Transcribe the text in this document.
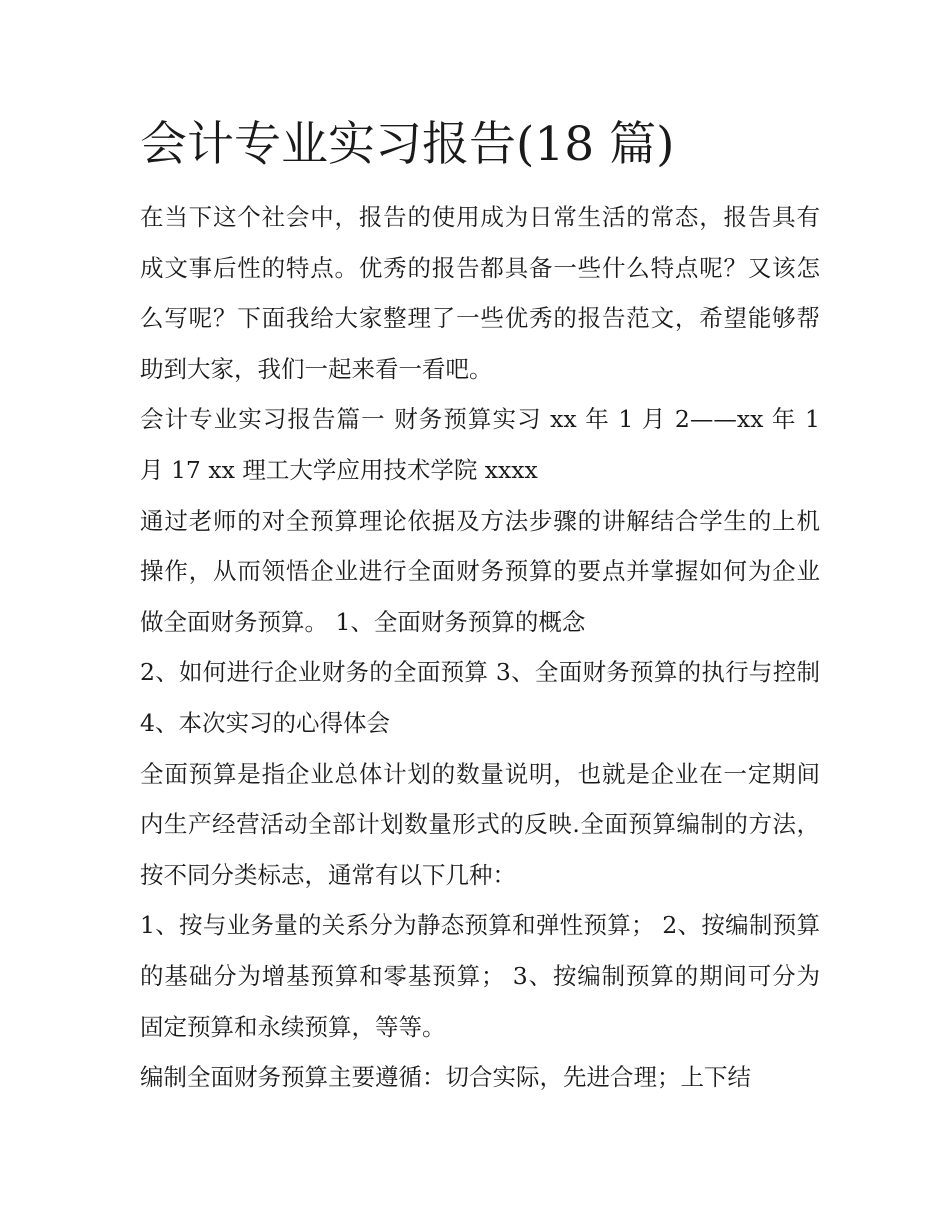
会计专业实习报告(18 篇)

在当下这个社会中，报告的使用成为日常生活的常态，报告具有成文事后性的特点。优秀的报告都具备一些什么特点呢？又该怎么写呢？下面我给大家整理了一些优秀的报告范文，希望能够帮助到大家，我们一起来看一看吧。

会计专业实习报告篇一 财务预算实习 xx 年 1 月 2——xx 年 1 月 17 xx 理工大学应用技术学院 xxxx

通过老师的对全预算理论依据及方法步骤的讲解结合学生的上机操作，从而领悟企业进行全面财务预算的要点并掌握如何为企业做全面财务预算。 1、全面财务预算的概念

2、如何进行企业财务的全面预算 3、全面财务预算的执行与控制 4、本次实习的心得体会

全面预算是指企业总体计划的数量说明，也就是企业在一定期间内生产经营活动全部计划数量形式的反映.全面预算编制的方法，按不同分类标志，通常有以下几种：

1、按与业务量的关系分为静态预算和弹性预算； 2、按编制预算的基础分为增基预算和零基预算； 3、按编制预算的期间可分为固定预算和永续预算，等等。

编制全面财务预算主要遵循：切合实际，先进合理；上下结
